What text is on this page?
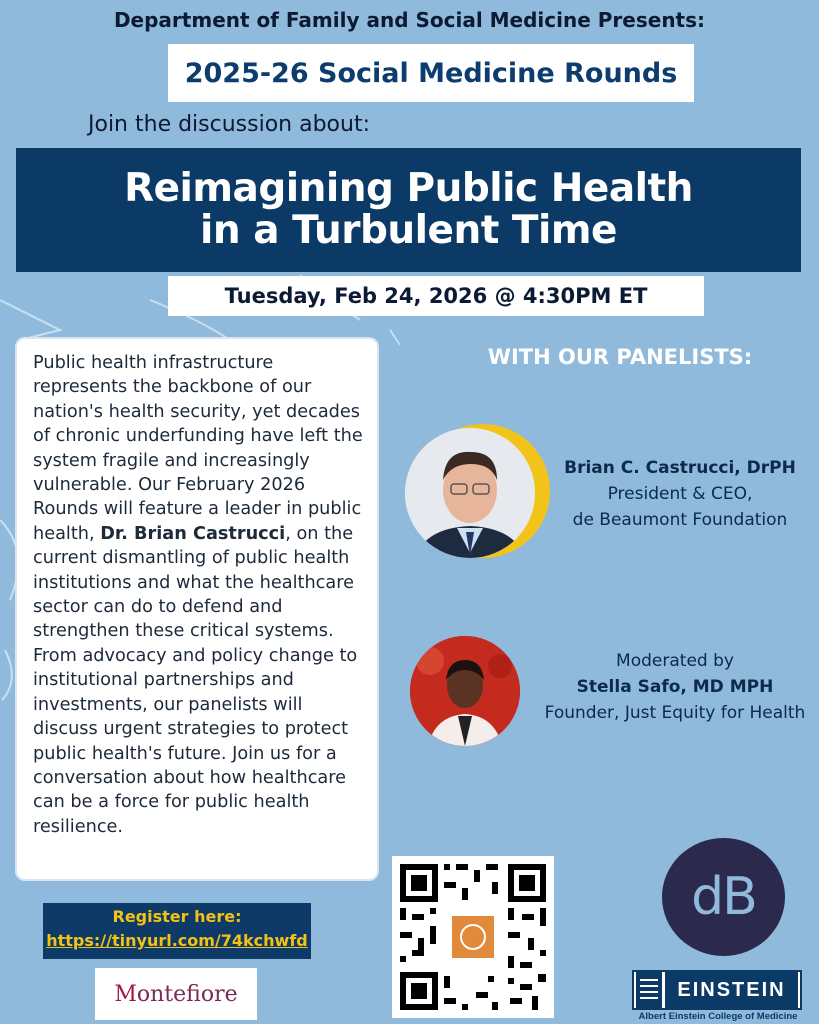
Department of Family and Social Medicine Presents:
2025-26 Social Medicine Rounds
Join the discussion about:
Reimagining Public Health
in a Turbulent Time
Tuesday, Feb 24, 2026 @ 4:30PM ET
Public health infrastructure represents the backbone of our nation's health security, yet decades of chronic underfunding have left the system fragile and increasingly vulnerable. Our February 2026 Rounds will feature a leader in public health, Dr. Brian Castrucci, on the current dismantling of public health institutions and what the healthcare sector can do to defend and strengthen these critical systems. From advocacy and policy change to institutional partnerships and investments, our panelists will discuss urgent strategies to protect public health's future. Join us for a conversation about how healthcare can be a force for public health resilience.
WITH OUR PANELISTS:
Brian C. Castrucci, DrPH
President & CEO,
de Beaumont Foundation
Moderated by
Stella Safo, MD MPH
Founder, Just Equity for Health
Register here:
https://tinyurl.com/74kchwfd
Montefiore
dB
EINSTEIN
Albert Einstein College of Medicine
